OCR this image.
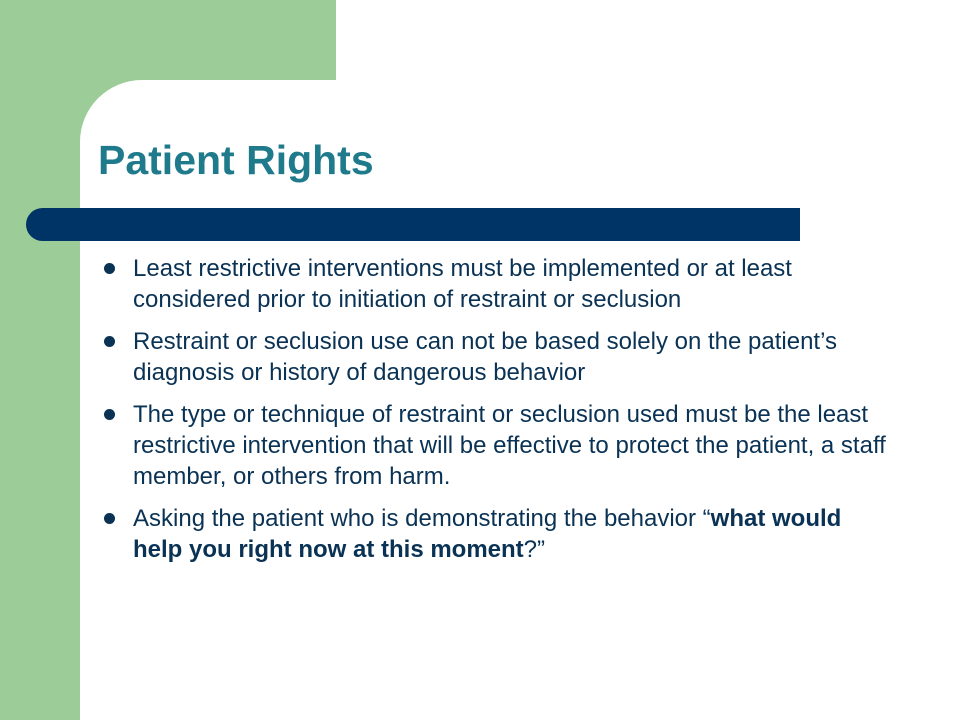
Patient Rights
Least restrictive interventions must be implemented or at least considered prior to initiation of restraint or seclusion
Restraint or seclusion use can not be based solely on the patient’s diagnosis or history of dangerous behavior
The type or technique of restraint or seclusion used must be the least restrictive intervention that will be effective to protect the patient, a staff member, or others from harm.
Asking the patient who is demonstrating the behavior “what would help you right now at this moment?”
